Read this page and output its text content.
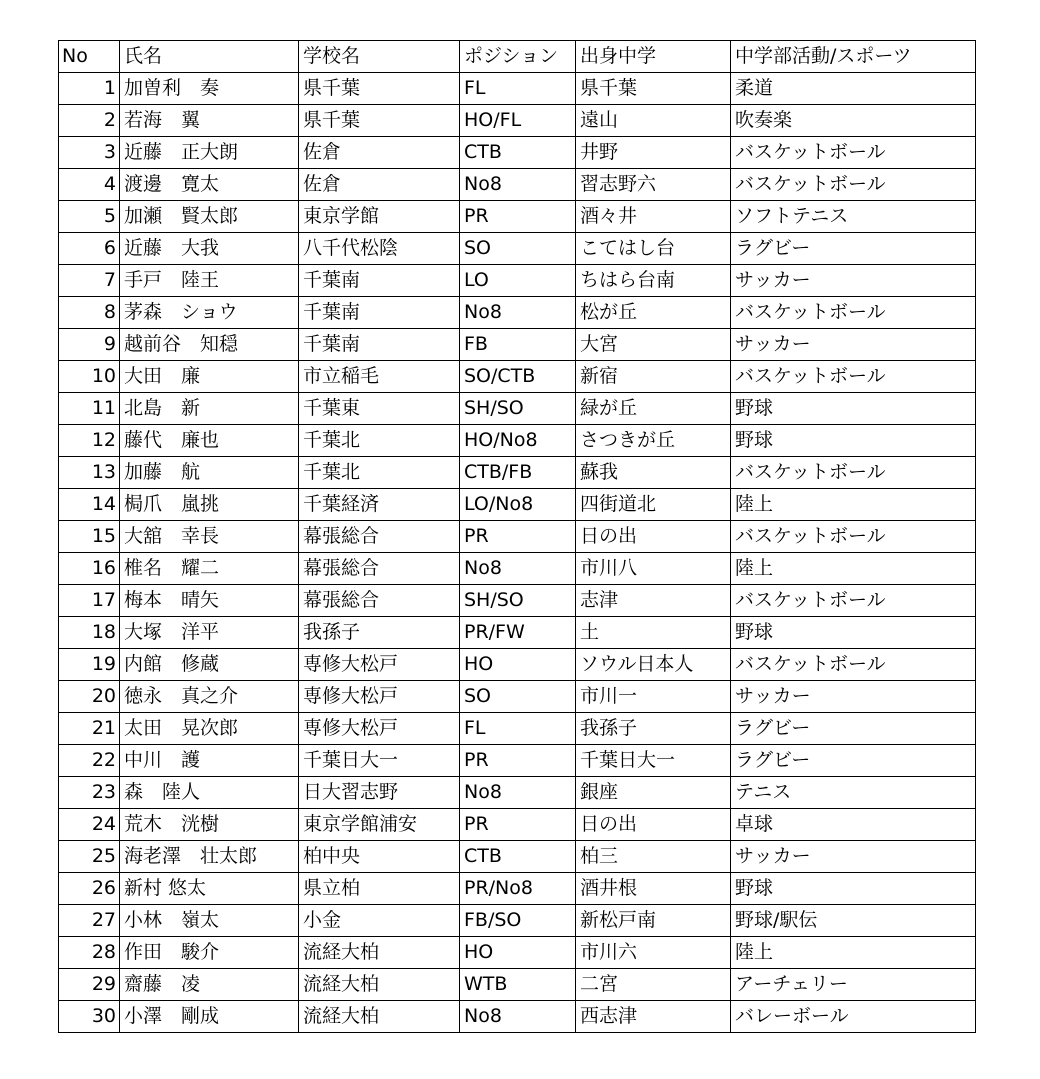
No	氏名	学校名	ポジション	出身中学	中学部活動/スポーツ
1	加曽利　奏	県千葉	FL	県千葉	柔道
2	若海　翼	県千葉	HO/FL	遠山	吹奏楽
3	近藤　正大朗	佐倉	CTB	井野	バスケットボール
4	渡邊　寛太	佐倉	No8	習志野六	バスケットボール
5	加瀬　賢太郎	東京学館	PR	酒々井	ソフトテニス
6	近藤　大我	八千代松陰	SO	こてはし台	ラグビー
7	手戸　陸王	千葉南	LO	ちはら台南	サッカー
8	茅森　ショウ	千葉南	No8	松が丘	バスケットボール
9	越前谷　知穏	千葉南	FB	大宮	サッカー
10	大田　廉	市立稲毛	SO/CTB	新宿	バスケットボール
11	北島　新	千葉東	SH/SO	緑が丘	野球
12	藤代　廉也	千葉北	HO/No8	さつきが丘	野球
13	加藤　航	千葉北	CTB/FB	蘇我	バスケットボール
14	梮爪　嵐挑	千葉経済	LO/No8	四街道北	陸上
15	大舘　幸長	幕張総合	PR	日の出	バスケットボール
16	椎名　耀二	幕張総合	No8	市川八	陸上
17	梅本　晴矢	幕張総合	SH/SO	志津	バスケットボール
18	大塚　洋平	我孫子	PR/FW	土	野球
19	内館　修蔵	専修大松戸	HO	ソウル日本人	バスケットボール
20	徳永　真之介	専修大松戸	SO	市川一	サッカー
21	太田　晃次郎	専修大松戸	FL	我孫子	ラグビー
22	中川　護	千葉日大一	PR	千葉日大一	ラグビー
23	森　陸人	日大習志野	No8	銀座	テニス
24	荒木　洸樹	東京学館浦安	PR	日の出	卓球
25	海老澤　壮太郎	柏中央	CTB	柏三	サッカー
26	新村 悠太	県立柏	PR/No8	酒井根	野球
27	小林　嶺太	小金	FB/SO	新松戸南	野球/駅伝
28	作田　駿介	流経大柏	HO	市川六	陸上
29	齋藤　凌	流経大柏	WTB	二宮	アーチェリー
30	小澤　剛成	流経大柏	No8	西志津	バレーボール
